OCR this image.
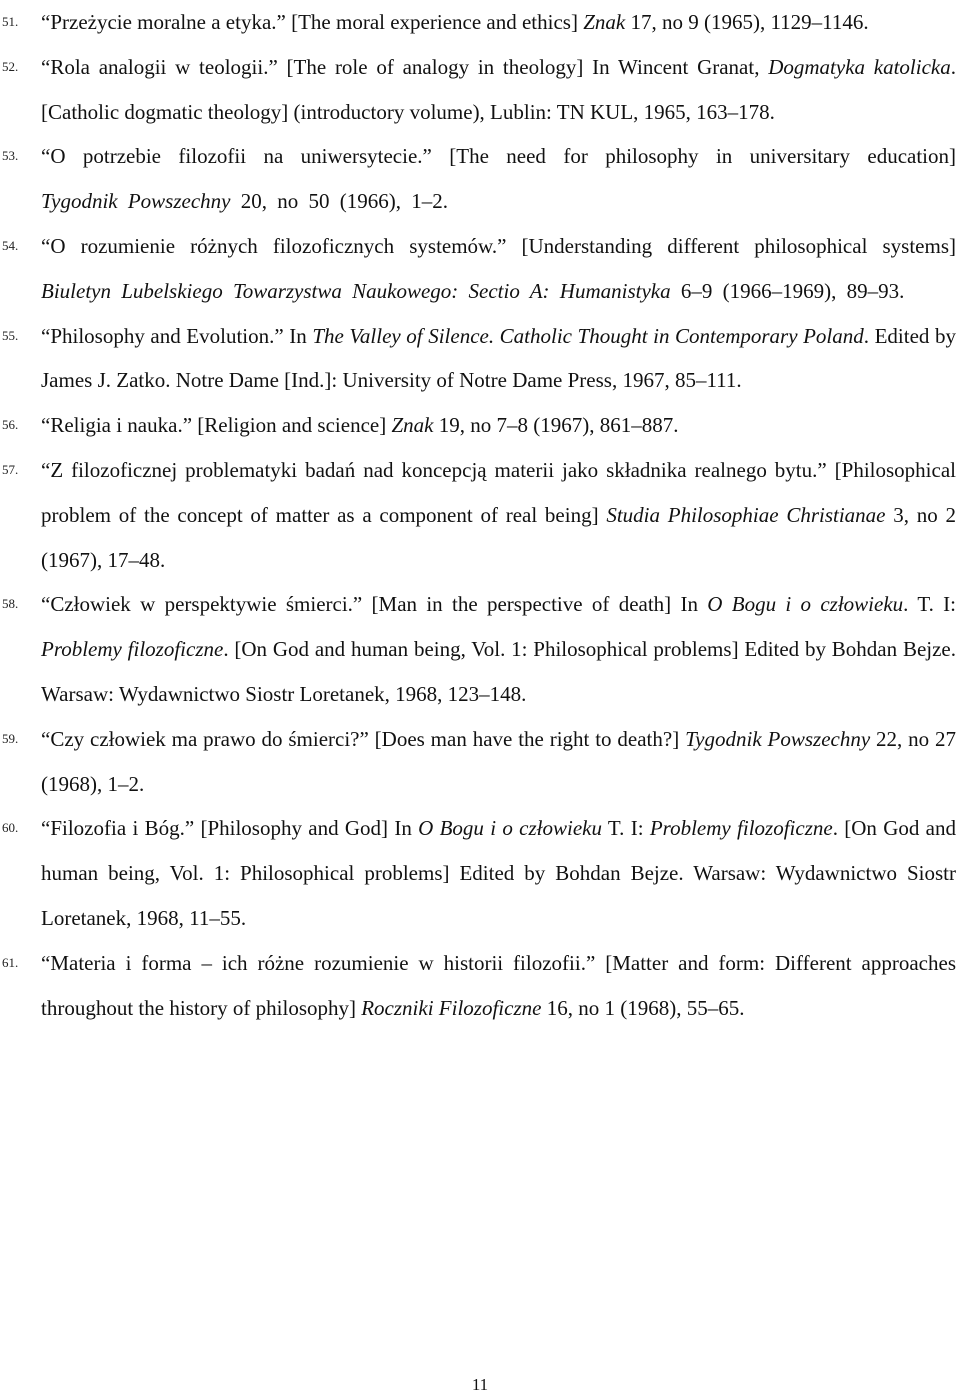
51. “Przeżycie moralne a etyka.” [The moral experience and ethics] Znak 17, no 9 (1965), 1129–1146.
52. “Rola analogii w teologii.” [The role of analogy in theology] In Wincent Granat, Dogmatyka katolicka. [Catholic dogmatic theology] (introductory volume), Lublin: TN KUL, 1965, 163–178.
53. “O potrzebie filozofii na uniwersytecie.” [The need for philosophy in universitary education] Tygodnik Powszechny 20, no 50 (1966), 1–2.
54. “O rozumienie różnych filozoficznych systemów.” [Understanding different philosophical systems] Biuletyn Lubelskiego Towarzystwa Naukowego: Sectio A: Humanistyka 6–9 (1966–1969), 89–93.
55. “Philosophy and Evolution.” In The Valley of Silence. Catholic Thought in Contemporary Poland. Edited by James J. Zatko. Notre Dame [Ind.]: University of Notre Dame Press, 1967, 85–111.
56. “Religia i nauka.” [Religion and science] Znak 19, no 7–8 (1967), 861–887.
57. “Z filozoficznej problematyki badań nad koncepcją materii jako składnika realnego bytu.” [Philosophical problem of the concept of matter as a component of real being] Studia Philosophiae Christianae 3, no 2 (1967), 17–48.
58. “Człowiek w perspektywie śmierci.” [Man in the perspective of death] In O Bogu i o człowieku. T. I: Problemy filozoficzne. [On God and human being, Vol. 1: Philosophical problems] Edited by Bohdan Bejze. Warsaw: Wydawnictwo Siostr Loretanek, 1968, 123–148.
59. “Czy człowiek ma prawo do śmierci?” [Does man have the right to death?] Tygodnik Powszechny 22, no 27 (1968), 1–2.
60. “Filozofia i Bóg.” [Philosophy and God] In O Bogu i o człowieku T. I: Problemy filozoficzne. [On God and human being, Vol. 1: Philosophical problems] Edited by Bohdan Bejze. Warsaw: Wydawnictwo Siostr Loretanek, 1968, 11–55.
61. “Materia i forma – ich różne rozumienie w historii filozofii.” [Matter and form: Different approaches throughout the history of philosophy] Roczniki Filozoficzne 16, no 1 (1968), 55–65.
11
